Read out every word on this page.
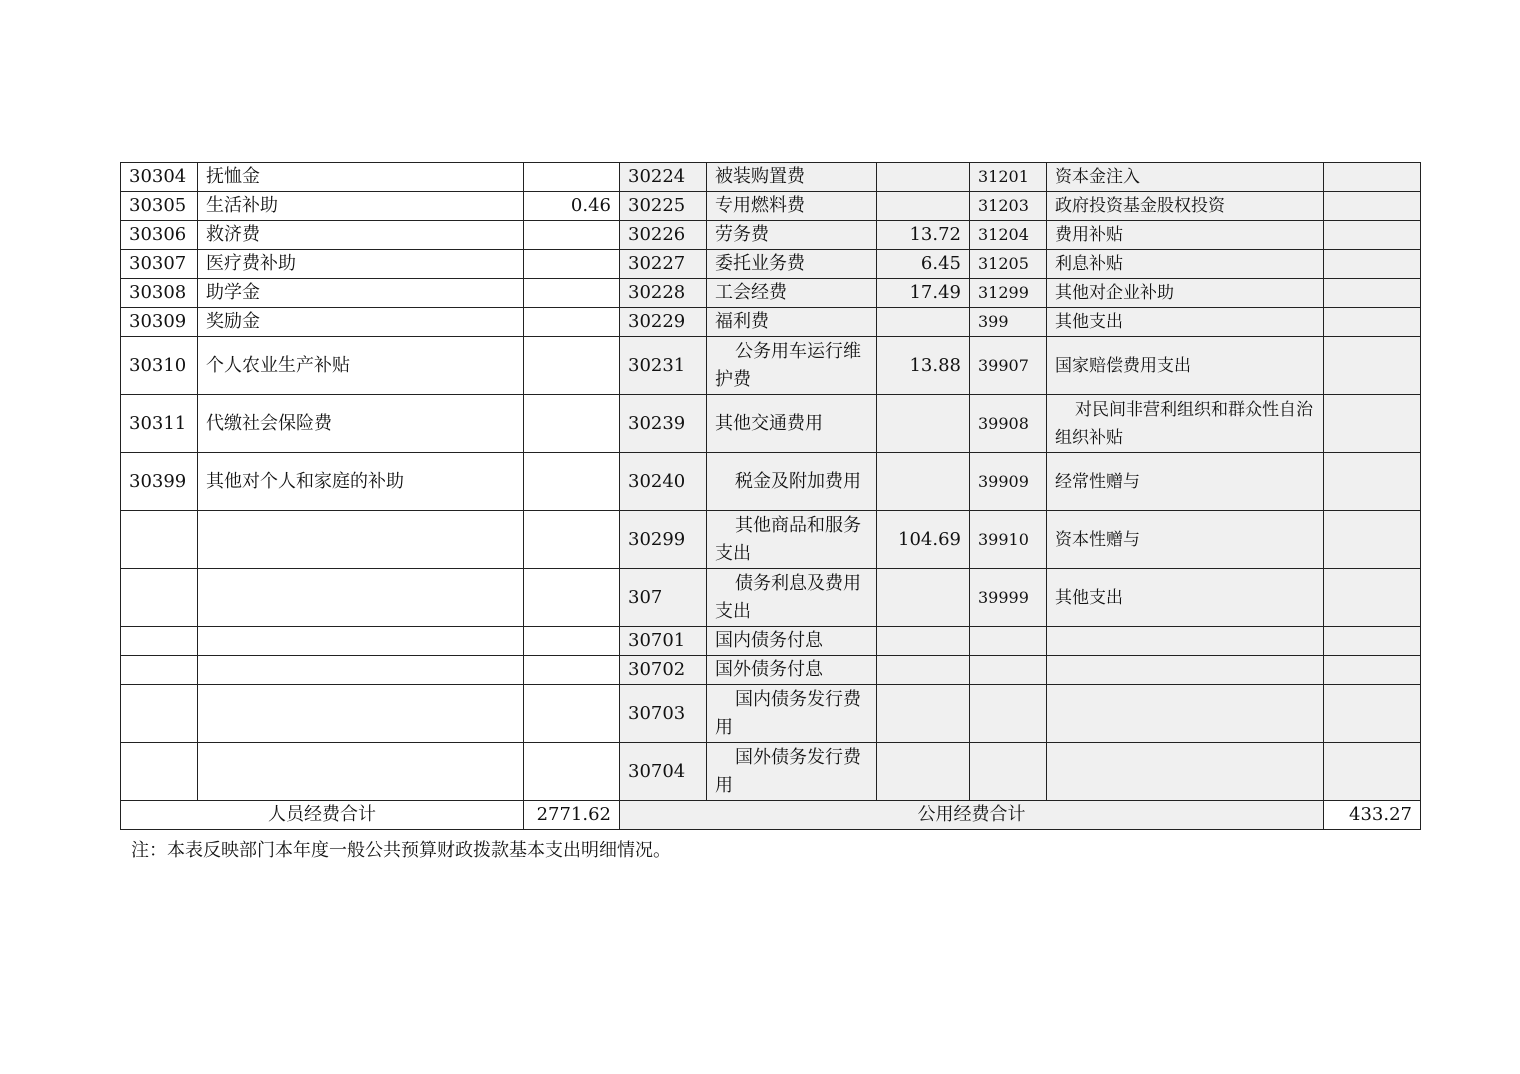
30304	抚恤金		30224	被装购置费		31201	资本金注入	
30305	生活补助	0.46	30225	专用燃料费		31203	政府投资基金股权投资	
30306	救济费		30226	劳务费	13.72	31204	费用补贴	
30307	医疗费补助		30227	委托业务费	6.45	31205	利息补贴	
30308	助学金		30228	工会经费	17.49	31299	其他对企业补助	
30309	奖励金		30229	福利费		399	其他支出	
30310	个人农业生产补贴		30231	公务用车运行维护费	13.88	39907	国家赔偿费用支出	
30311	代缴社会保险费		30239	其他交通费用		39908	对民间非营利组织和群众性自治组织补贴	
30399	其他对个人和家庭的补助		30240	税金及附加费用		39909	经常性赠与	
			30299	其他商品和服务支出	104.69	39910	资本性赠与	
			307	债务利息及费用支出		39999	其他支出	
			30701	国内债务付息				
			30702	国外债务付息				
			30703	国内债务发行费用				
			30704	国外债务发行费用				
人员经费合计		2771.62	公用经费合计					433.27
注：本表反映部门本年度一般公共预算财政拨款基本支出明细情况。
